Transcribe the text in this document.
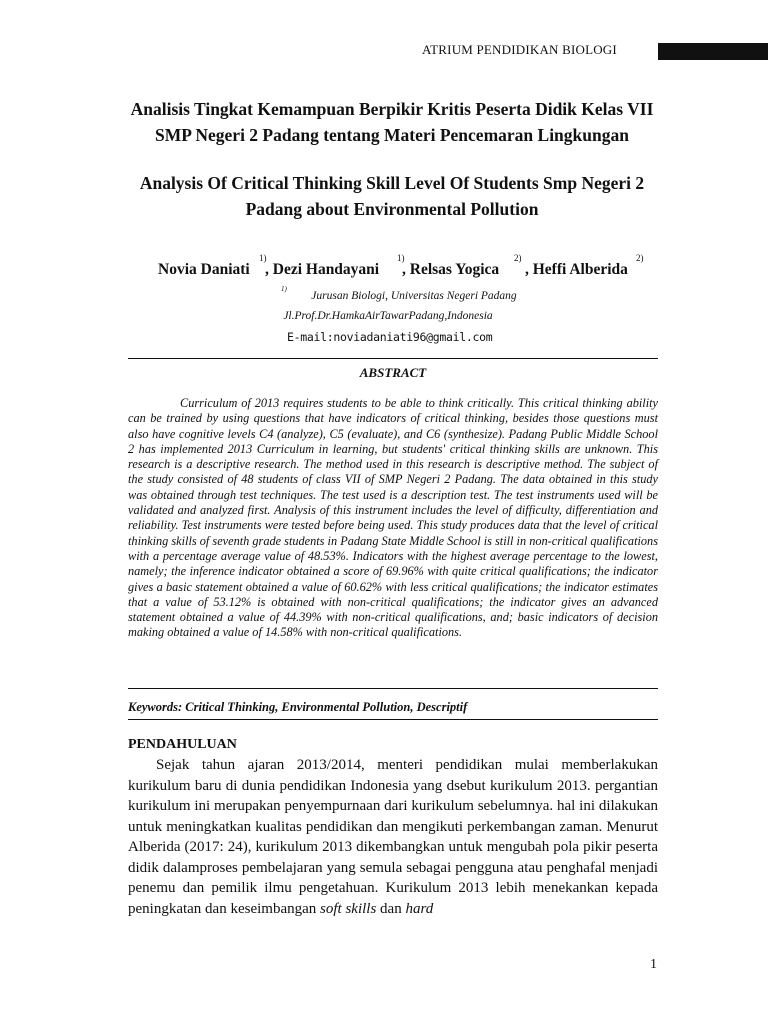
ATRIUM PENDIDIKAN BIOLOGI
Analisis Tingkat Kemampuan Berpikir Kritis Peserta Didik Kelas VII SMP Negeri 2 Padang tentang Materi Pencemaran Lingkungan
Analysis Of Critical Thinking Skill Level Of Students Smp Negeri 2 Padang about Environmental Pollution
Novia Daniati
1)
, Dezi Handayani
1)
, Relsas Yogica
2)
, Heffi Alberida
2)
1)
Jurusan Biologi, Universitas Negeri Padang
Jl.Prof.Dr.HamkaAirTawarPadang,Indonesia
E-mail:noviadaniati96@gmail.com
ABSTRACT

Curriculum of 2013 requires students to be able to think critically. This critical thinking ability can be trained by using questions that have indicators of critical thinking, besides those questions must also have cognitive levels C4 (analyze), C5 (evaluate), and C6 (synthesize). Padang Public Middle School 2 has implemented 2013 Curriculum in learning, but students' critical thinking skills are unknown. This research is a descriptive research. The method used in this research is descriptive method. The subject of the study consisted of 48 students of class VII of SMP Negeri 2 Padang. The data obtained in this study was obtained through test techniques. The test used is a description test. The test instruments used will be validated and analyzed first. Analysis of this instrument includes the level of difficulty, differentiation and reliability. Test instruments were tested before being used. This study produces data that the level of critical thinking skills of seventh grade students in Padang State Middle School is still in non-critical qualifications with a percentage average value of 48.53%. Indicators with the highest average percentage to the lowest, namely; the inference indicator obtained a score of 69.96% with quite critical qualifications; the indicator gives a basic statement obtained a value of 60.62% with less critical qualifications; the indicator estimates that a value of 53.12% is obtained with non-critical qualifications; the indicator gives an advanced statement obtained a value of 44.39% with non-critical qualifications, and; basic indicators of decision making obtained a value of 14.58% with non-critical qualifications.

Keywords: Critical Thinking, Environmental Pollution, Descriptif
PENDAHULUAN

Sejak tahun ajaran 2013/2014, menteri pendidikan mulai memberlakukan kurikulum baru di dunia pendidikan Indonesia yang dsebut kurikulum 2013. pergantian kurikulum ini merupakan penyempurnaan dari kurikulum sebelumnya. hal ini dilakukan untuk meningkatkan kualitas pendidikan dan mengikuti perkembangan zaman. Menurut Alberida (2017: 24), kurikulum 2013 dikembangkan untuk mengubah pola pikir peserta didik dalamproses pembelajaran yang semula sebagai pengguna atau penghafal menjadi penemu dan pemilik ilmu pengetahuan. Kurikulum 2013 lebih menekankan kepada peningkatan dan keseimbangan soft skills dan hard

1
